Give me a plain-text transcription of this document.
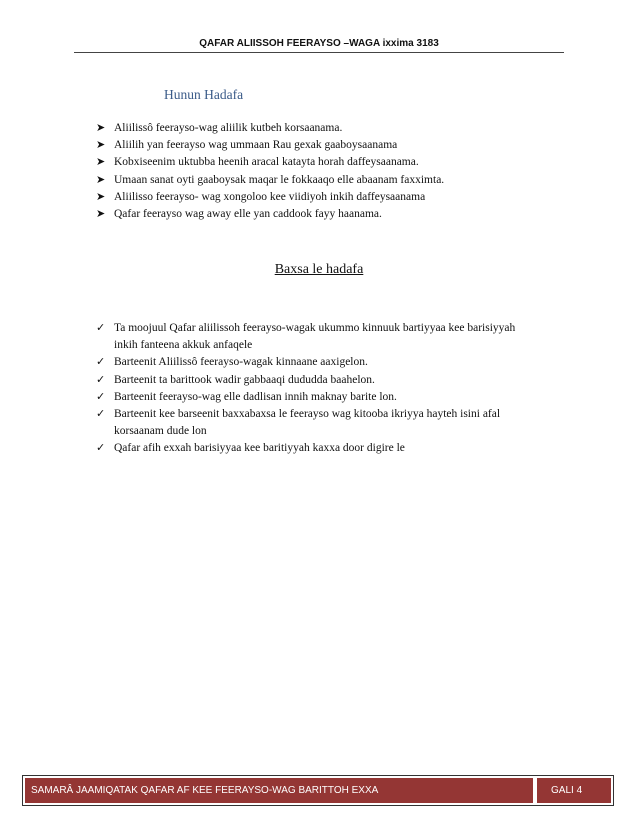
QAFAR ALIISSOH FEERAYSO –WAGA ixxima 3183
Hunun Hadafa
➤ Aliilissô feerayso-wag aliilik kutbeh korsaanama.
➤ Aliilih yan feerayso wag ummaan Rau gexak gaaboysaanama
➤ Kobxiseenim uktubba heenih aracal katayta horah daffeysaanama.
➤ Umaan sanat oyti gaaboysak maqar le fokkaaqo elle abaanam faxximta.
➤ Aliilisso feerayso- wag xongoloo kee viidiyoh inkih daffeysaanama
➤ Qafar feerayso wag away elle yan caddook fayy haanama.
Baxsa le hadafa
✓ Ta moojuul Qafar aliilissoh feerayso-wagak ukummo kinnuuk bartiyyaa kee barisiyyah
inkih fanteena akkuk anfaqele
✓ Barteenit Aliilissô feerayso-wagak kinnaane aaxigelon.
✓ Barteenit ta barittook wadir gabbaaqi dududda baahelon.
✓ Barteenit feerayso-wag elle dadlisan innih maknay barite lon.
✓ Barteenit kee barseenit baxxabaxsa le feerayso wag kitooba ikriyya hayteh isini afal
korsaanam dude lon
✓ Qafar afih exxah barisiyyaa kee baritiyyah kaxxa door digire le
SAMARÂ JAAMIQATAK QAFAR AF KEE FEERAYSO-WAG BARITTOH EXXA	GALI 4
